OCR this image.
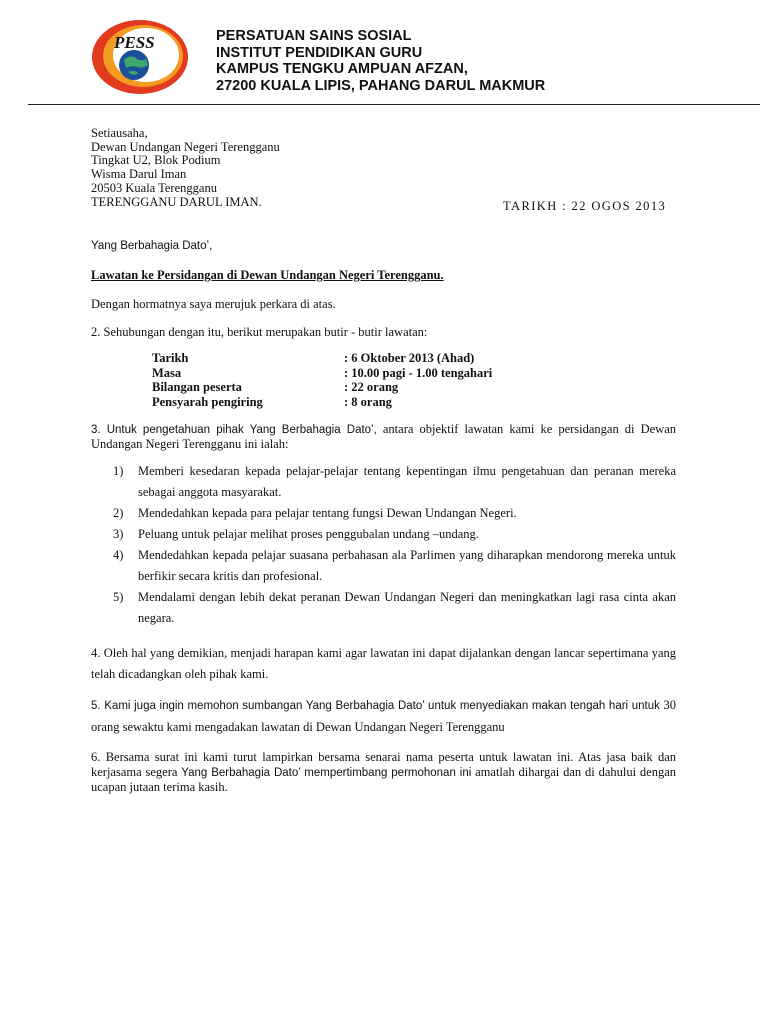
PESS	PERSATUAN SAINS SOSIAL
INSTITUT PENDIDIKAN GURU
KAMPUS TENGKU AMPUAN AFZAN,
27200 KUALA LIPIS, PAHANG DARUL MAKMUR
Setiausaha,
Dewan Undangan Negeri Terengganu
Tingkat U2, Blok Podium
Wisma Darul Iman
20503 Kuala Terengganu
TERENGGANU DARUL IMAN.	TARIKH : 22 OGOS 2013
Yang Berbahagia Dato’,
Lawatan ke Persidangan di Dewan Undangan Negeri Terengganu.
Dengan hormatnya saya merujuk perkara di atas.
2. Sehubungan dengan itu, berikut merupakan butir - butir lawatan:
Tarikh	: 6 Oktober 2013 (Ahad)
Masa	: 10.00 pagi - 1.00 tengahari
Bilangan peserta	: 22 orang
Pensyarah pengiring	: 8 orang
3. Untuk pengetahuan pihak Yang Berbahagia Dato’, antara objektif lawatan kami ke persidangan di Dewan Undangan Negeri Terengganu ini ialah:
1) Memberi kesedaran kepada pelajar-pelajar tentang kepentingan ilmu pengetahuan dan peranan mereka sebagai anggota masyarakat.
2) Mendedahkan kepada para pelajar tentang fungsi Dewan Undangan Negeri.
3) Peluang untuk pelajar melihat proses penggubalan undang –undang.
4) Mendedahkan kepada pelajar suasana perbahasan ala Parlimen yang diharapkan mendorong mereka untuk berfikir secara kritis dan profesional.
5) Mendalami dengan lebih dekat peranan Dewan Undangan Negeri dan meningkatkan lagi rasa cinta akan negara.
4. Oleh hal yang demikian, menjadi harapan kami agar lawatan ini dapat dijalankan dengan lancar sepertimana yang telah dicadangkan oleh pihak kami.
5. Kami juga ingin memohon sumbangan Yang Berbahagia Dato’ untuk menyediakan makan tengah hari untuk 30 orang sewaktu kami mengadakan lawatan di Dewan Undangan Negeri Terengganu
6. Bersama surat ini kami turut lampirkan bersama senarai nama peserta untuk lawatan ini. Atas jasa baik dan kerjasama segera Yang Berbahagia Dato’ mempertimbang permohonan ini amatlah dihargai dan di dahului dengan ucapan jutaan terima kasih.
